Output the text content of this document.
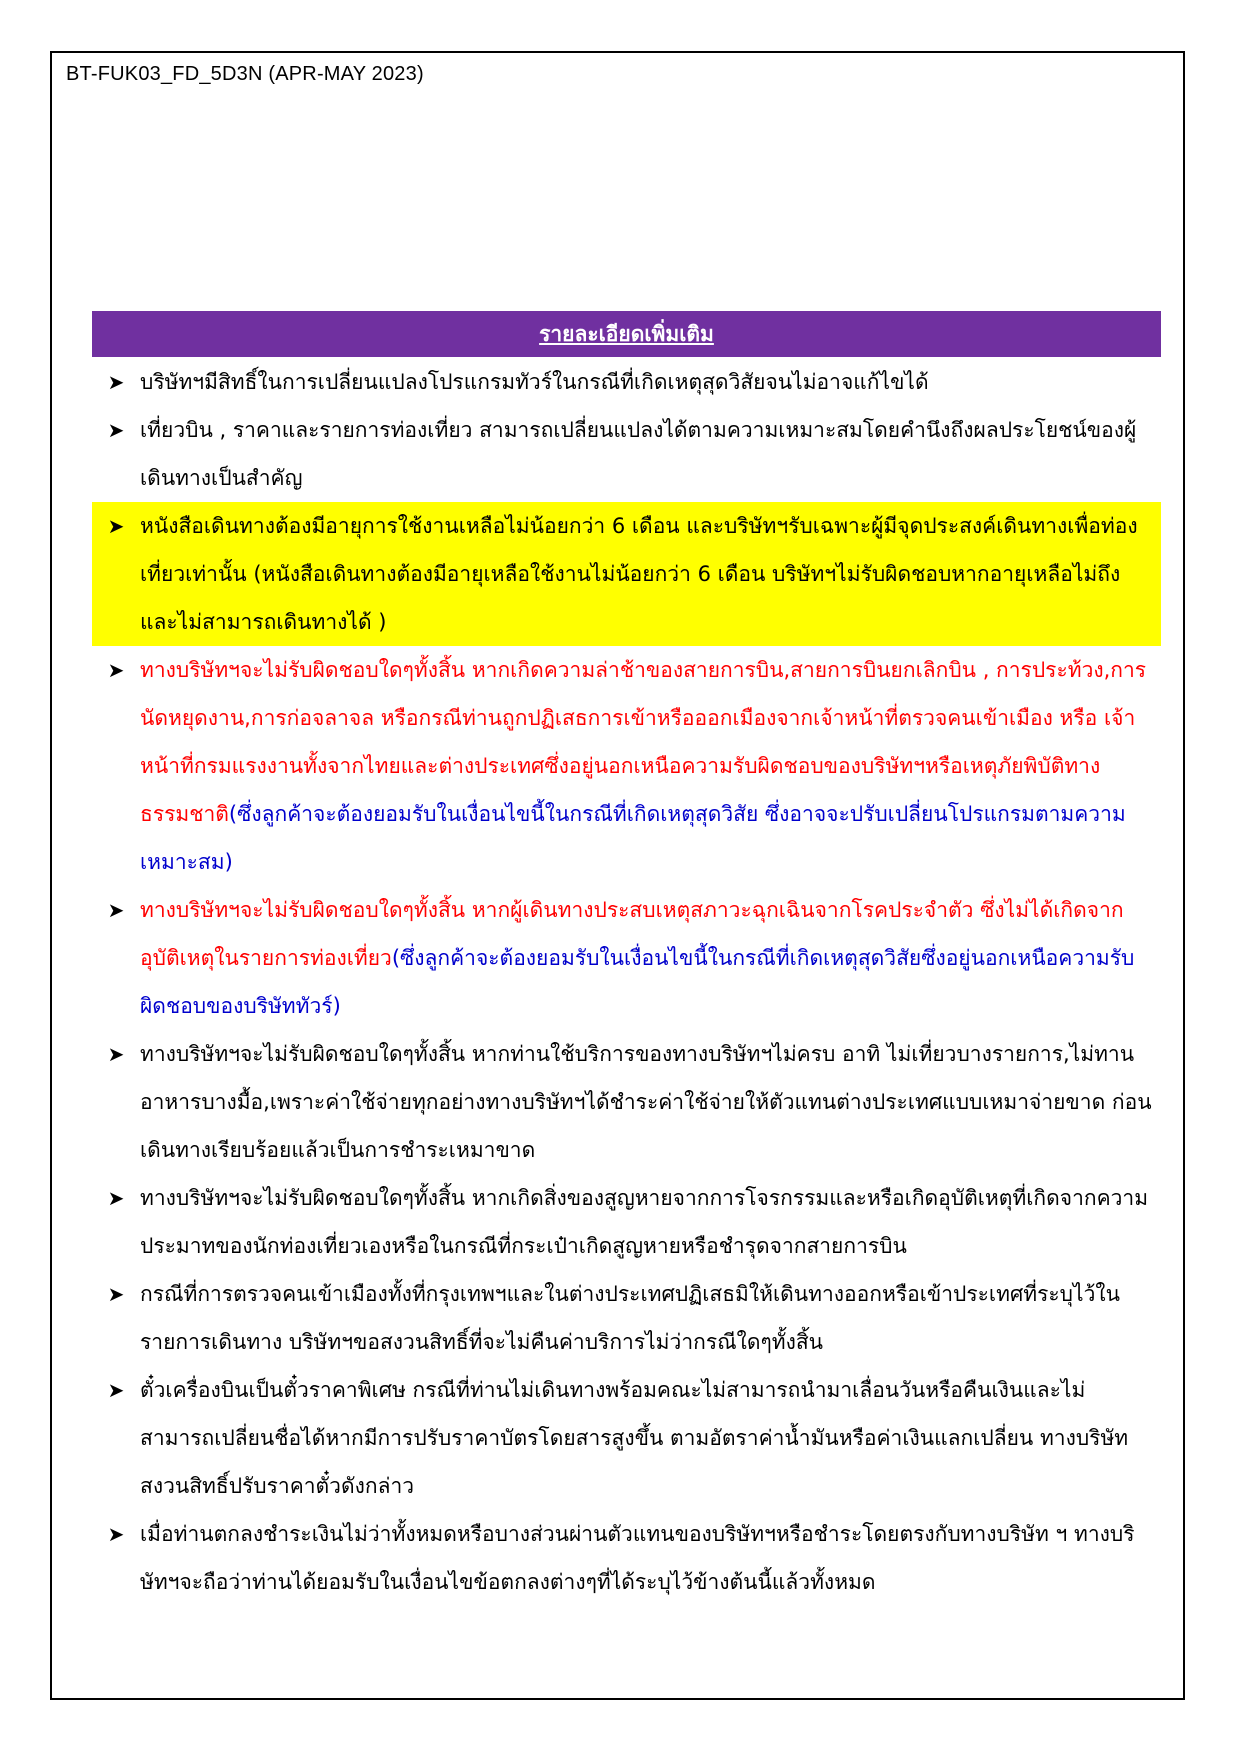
BT-FUK03_FD_5D3N (APR-MAY 2023)
รายละเอียดเพิ่มเติม
➤ บริษัทฯมีสิทธิ์ในการเปลี่ยนแปลงโปรแกรมทัวร์ในกรณีที่เกิดเหตุสุดวิสัยจนไม่อาจแก้ไขได้
➤ เที่ยวบิน , ราคาและรายการท่องเที่ยว สามารถเปลี่ยนแปลงได้ตามความเหมาะสมโดยคำนึงถึงผลประโยชน์ของผู้เดินทางเป็นสำคัญ
➤ หนังสือเดินทางต้องมีอายุการใช้งานเหลือไม่น้อยกว่า 6 เดือน และบริษัทฯรับเฉพาะผู้มีจุดประสงค์เดินทางเพื่อท่องเที่ยวเท่านั้น (หนังสือเดินทางต้องมีอายุเหลือใช้งานไม่น้อยกว่า 6 เดือน บริษัทฯไม่รับผิดชอบหากอายุเหลือไม่ถึงและไม่สามารถเดินทางได้ )
➤ ทางบริษัทฯจะไม่รับผิดชอบใดๆทั้งสิ้น หากเกิดความล่าช้าของสายการบิน,สายการบินยกเลิกบิน , การประท้วง,การนัดหยุดงาน,การก่อจลาจล หรือกรณีท่านถูกปฏิเสธการเข้าหรือออกเมืองจากเจ้าหน้าที่ตรวจคนเข้าเมือง หรือ เจ้าหน้าที่กรมแรงงานทั้งจากไทยและต่างประเทศซึ่งอยู่นอกเหนือความรับผิดชอบของบริษัทฯหรือเหตุภัยพิบัติทางธรรมชาติ(ซึ่งลูกค้าจะต้องยอมรับในเงื่อนไขนี้ในกรณีที่เกิดเหตุสุดวิสัย ซึ่งอาจจะปรับเปลี่ยนโปรแกรมตามความเหมาะสม)
➤ ทางบริษัทฯจะไม่รับผิดชอบใดๆทั้งสิ้น หากผู้เดินทางประสบเหตุสภาวะฉุกเฉินจากโรคประจำตัว ซึ่งไม่ได้เกิดจากอุบัติเหตุในรายการท่องเที่ยว(ซึ่งลูกค้าจะต้องยอมรับในเงื่อนไขนี้ในกรณีที่เกิดเหตุสุดวิสัยซึ่งอยู่นอกเหนือความรับผิดชอบของบริษัททัวร์)
➤ ทางบริษัทฯจะไม่รับผิดชอบใดๆทั้งสิ้น หากท่านใช้บริการของทางบริษัทฯไม่ครบ อาทิ ไม่เที่ยวบางรายการ,ไม่ทานอาหารบางมื้อ,เพราะค่าใช้จ่ายทุกอย่างทางบริษัทฯได้ชำระค่าใช้จ่ายให้ตัวแทนต่างประเทศแบบเหมาจ่ายขาด ก่อนเดินทางเรียบร้อยแล้วเป็นการชำระเหมาขาด
➤ ทางบริษัทฯจะไม่รับผิดชอบใดๆทั้งสิ้น หากเกิดสิ่งของสูญหายจากการโจรกรรมและหรือเกิดอุบัติเหตุที่เกิดจากความประมาทของนักท่องเที่ยวเองหรือในกรณีที่กระเป๋าเกิดสูญหายหรือชำรุดจากสายการบิน
➤ กรณีที่การตรวจคนเข้าเมืองทั้งที่กรุงเทพฯและในต่างประเทศปฏิเสธมิให้เดินทางออกหรือเข้าประเทศที่ระบุไว้ในรายการเดินทาง บริษัทฯขอสงวนสิทธิ์ที่จะไม่คืนค่าบริการไม่ว่ากรณีใดๆทั้งสิ้น
➤ ตั๋วเครื่องบินเป็นตั๋วราคาพิเศษ กรณีที่ท่านไม่เดินทางพร้อมคณะไม่สามารถนำมาเลื่อนวันหรือคืนเงินและไม่สามารถเปลี่ยนชื่อได้หากมีการปรับราคาบัตรโดยสารสูงขึ้น ตามอัตราค่าน้ำมันหรือค่าเงินแลกเปลี่ยน ทางบริษัท สงวนสิทธิ์ปรับราคาตั๋วดังกล่าว
➤ เมื่อท่านตกลงชำระเงินไม่ว่าทั้งหมดหรือบางส่วนผ่านตัวแทนของบริษัทฯหรือชำระโดยตรงกับทางบริษัท ฯ ทางบริษัทฯจะถือว่าท่านได้ยอมรับในเงื่อนไขข้อตกลงต่างๆที่ได้ระบุไว้ข้างต้นนี้แล้วทั้งหมด
